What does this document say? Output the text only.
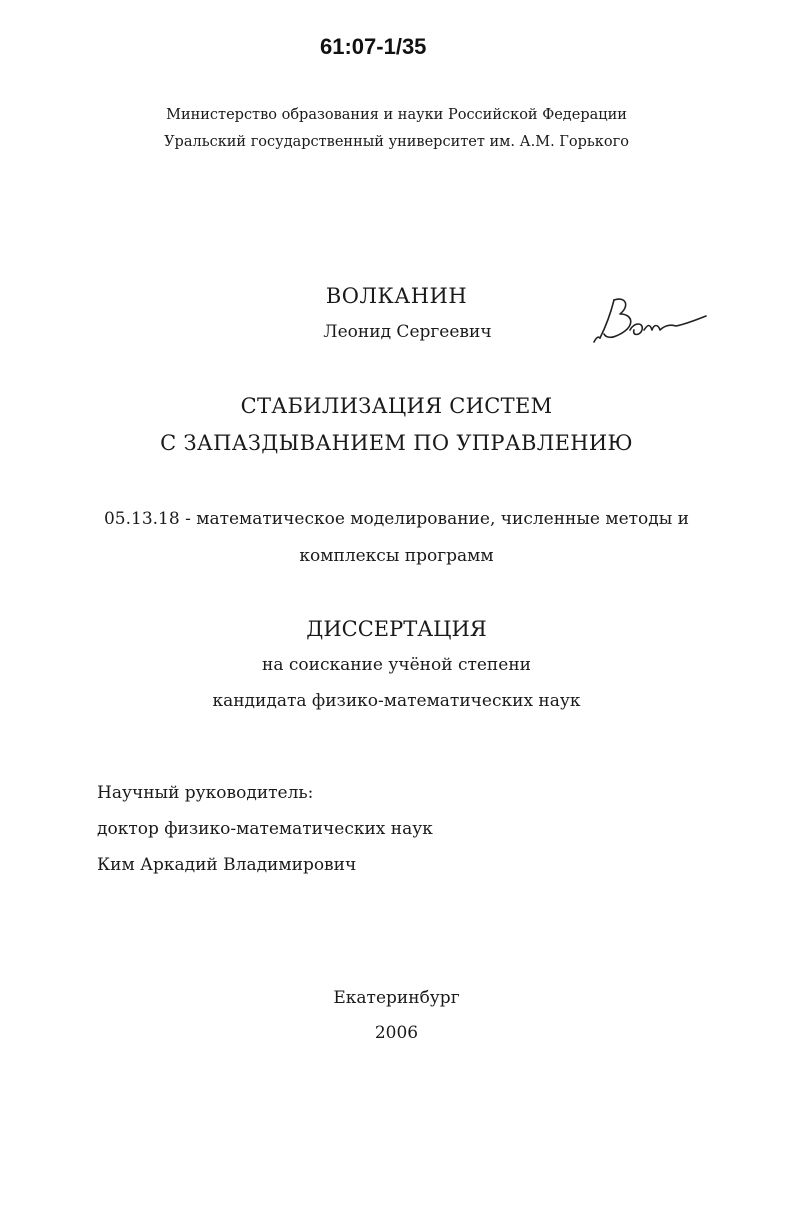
61:07-1/35
Министерство образования и науки Российской Федерации
Уральский государственный университет им. А.М. Горького
ВОЛКАНИН
Леонид Сергеевич
СТАБИЛИЗАЦИЯ СИСТЕМ
С ЗАПАЗДЫВАНИЕМ ПО УПРАВЛЕНИЮ
05.13.18 - математическое моделирование, численные методы и
комплексы программ
ДИССЕРТАЦИЯ
на соискание учёной степени
кандидата физико-математических наук
Научный руководитель:
доктор физико-математических наук
Ким Аркадий Владимирович
Екатеринбург
2006
